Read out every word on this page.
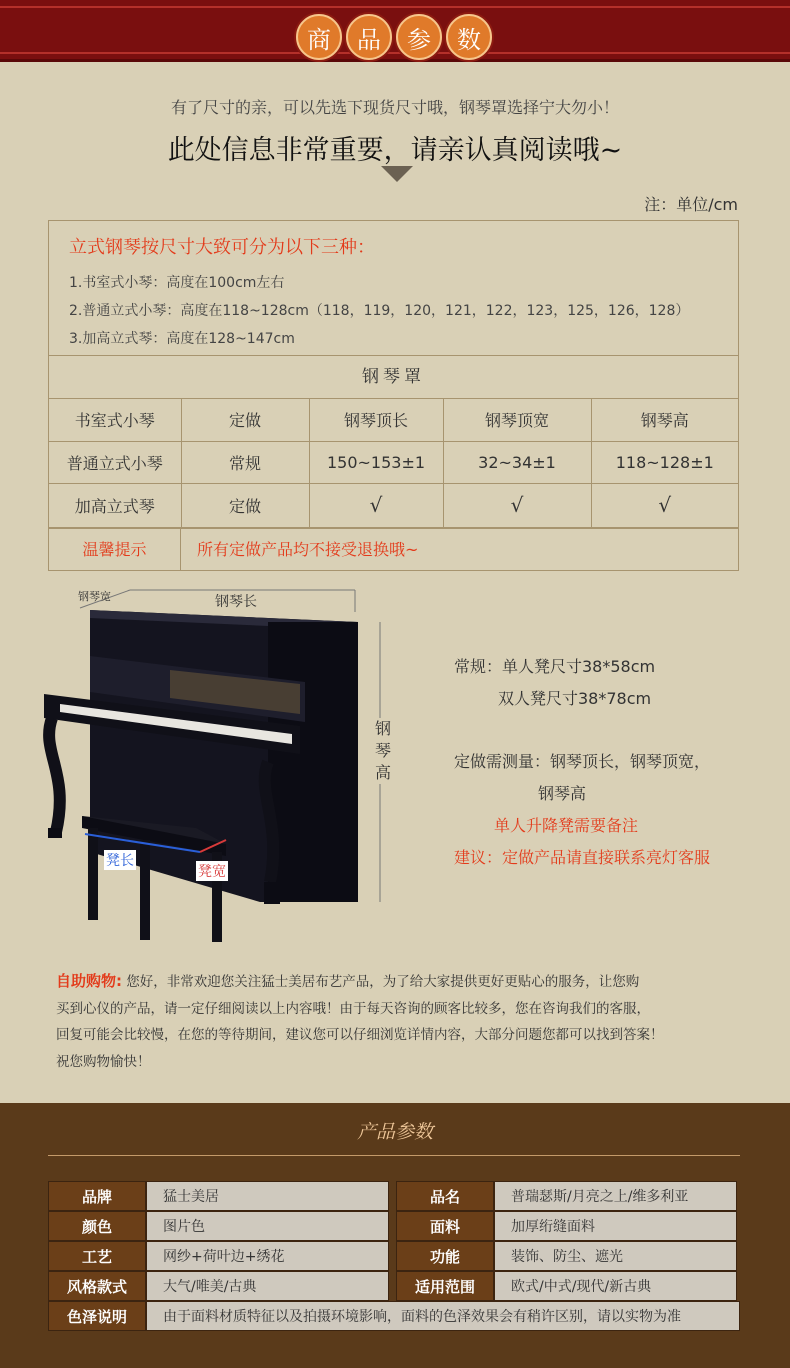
商	品	参	数
有了尺寸的亲，可以先选下现货尺寸哦，钢琴罩选择宁大勿小！
此处信息非常重要，请亲认真阅读哦~
注：单位/cm
立式钢琴按尺寸大致可分为以下三种：
1.书室式小琴：高度在100cm左右
2.普通立式小琴：高度在118~128cm（118，119，120，121，122，123，125，126，128）
3.加高立式琴：高度在128~147cm
钢琴罩
书室式小琴	定做	钢琴顶长	钢琴顶宽	钢琴高
普通立式小琴	常规	150~153±1	32~34±1	118~128±1
加高立式琴	定做	√	√	√
温馨提示	所有定做产品均不接受退换哦~
钢琴宽	钢琴长
钢琴高
凳长
凳宽
常规：单人凳尺寸38*58cm
双人凳尺寸38*78cm
定做需测量：钢琴顶长，钢琴顶宽，
钢琴高
单人升降凳需要备注
建议：定做产品请直接联系亮灯客服
自助购物: 您好，非常欢迎您关注猛士美居布艺产品，为了给大家提供更好更贴心的服务，让您购
买到心仪的产品，请一定仔细阅读以上内容哦！由于每天咨询的顾客比较多，您在咨询我们的客服，
回复可能会比较慢，在您的等待期间，建议您可以仔细浏览详情内容，大部分问题您都可以找到答案！
祝您购物愉快！
产品参数
品牌	猛士美居	品名	普瑞瑟斯/月亮之上/维多利亚
颜色	图片色	面料	加厚绗缝面料
工艺	网纱+荷叶边+绣花	功能	装饰、防尘、遮光
风格款式	大气/唯美/古典	适用范围	欧式/中式/现代/新古典
色泽说明	由于面料材质特征以及拍摄环境影响，面料的色泽效果会有稍许区别，请以实物为准
